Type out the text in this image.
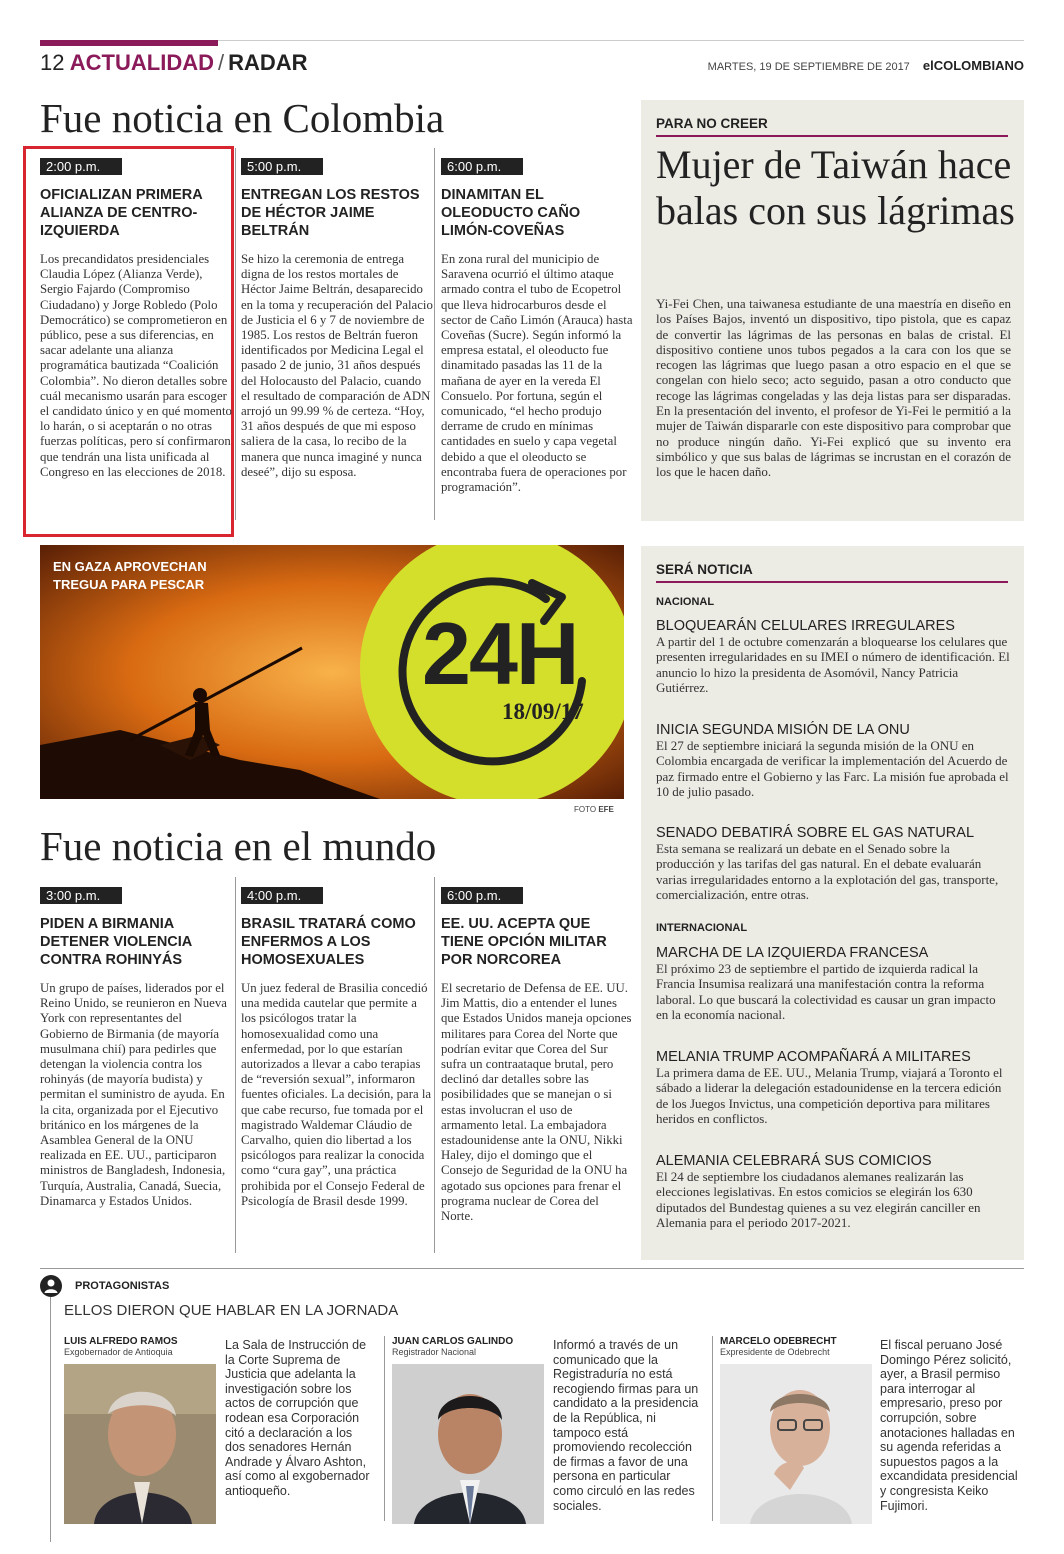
12 ACTUALIDAD / RADAR	MARTES, 19 DE SEPTIEMBRE DE 2017 elCOLOMBIANO
Fue noticia en Colombia
2:00 p.m.
OFICIALIZAN PRIMERA ALIANZA DE CENTRO-IZQUIERDA
Los precandidatos presidenciales Claudia López (Alianza Verde), Sergio Fajardo (Compromiso Ciudadano) y Jorge Robledo (Polo Democrático) se comprometieron en público, pese a sus diferencias, en sacar adelante una alianza programática bautizada “Coalición Colombia”. No dieron detalles sobre cuál mecanismo usarán para escoger el candidato único y en qué momento lo harán, o si aceptarán o no otras fuerzas políticas, pero sí confirmaron que tendrán una lista unificada al Congreso en las elecciones de 2018.
5:00 p.m.
ENTREGAN LOS RESTOS DE HÉCTOR JAIME BELTRÁN
Se hizo la ceremonia de entrega digna de los restos mortales de Héctor Jaime Beltrán, desaparecido en la toma y recuperación del Palacio de Justicia el 6 y 7 de noviembre de 1985. Los restos de Beltrán fueron identificados por Medicina Legal el pasado 2 de junio, 31 años después del Holocausto del Palacio, cuando el resultado de comparación de ADN arrojó un 99.99 % de certeza. “Hoy, 31 años después de que mi esposo saliera de la casa, lo recibo de la manera que nunca imaginé y nunca deseé”, dijo su esposa.
6:00 p.m.
DINAMITAN EL OLEODUCTO CAÑO LIMÓN-COVEÑAS
En zona rural del municipio de Saravena ocurrió el último ataque armado contra el tubo de Ecopetrol que lleva hidrocarburos desde el sector de Caño Limón (Arauca) hasta Coveñas (Sucre). Según informó la empresa estatal, el oleoducto fue dinamitado pasadas las 11 de la mañana de ayer en la vereda El Consuelo. Por fortuna, según el comunicado, “el hecho produjo derrame de crudo en mínimas cantidades en suelo y capa vegetal debido a que el oleoducto se encontraba fuera de operaciones por programación”.
PARA NO CREER
Mujer de Taiwán hace balas con sus lágrimas
Yi-Fei Chen, una taiwanesa estudiante de una maestría en diseño en los Países Bajos, inventó un dispositivo, tipo pistola, que es capaz de convertir las lágrimas de las personas en balas de cristal. El dispositivo contiene unos tubos pegados a la cara con los que se recogen las lágrimas que luego pasan a otro espacio en el que se congelan con hielo seco; acto seguido, pasan a otro conducto que recoge las lágrimas congeladas y las deja listas para ser disparadas. En la presentación del invento, el profesor de Yi-Fei le permitió a la mujer de Taiwán dispararle con este dispositivo para comprobar que no produce ningún daño. Yi-Fei explicó que su invento era simbólico y que sus balas de lágrimas se incrustan en el corazón de los que le hacen daño.
EN GAZA APROVECHAN TREGUA PARA PESCAR
24H
18/09/17
FOTO EFE
SERÁ NOTICIA
NACIONAL
BLOQUEARÁN CELULARES IRREGULARES
A partir del 1 de octubre comenzarán a bloquearse los celulares que presenten irregularidades en su IMEI o número de identificación. El anuncio lo hizo la presidenta de Asomóvil, Nancy Patricia Gutiérrez.
INICIA SEGUNDA MISIÓN DE LA ONU
El 27 de septiembre iniciará la segunda misión de la ONU en Colombia encargada de verificar la implementación del Acuerdo de paz firmado entre el Gobierno y las Farc. La misión fue aprobada el 10 de julio pasado.
SENADO DEBATIRÁ SOBRE EL GAS NATURAL
Esta semana se realizará un debate en el Senado sobre la producción y las tarifas del gas natural. En el debate evaluarán varias irregularidades entorno a la explotación del gas, transporte, comercialización, entre otras.
INTERNACIONAL
MARCHA DE LA IZQUIERDA FRANCESA
El próximo 23 de septiembre el partido de izquierda radical la Francia Insumisa realizará una manifestación contra la reforma laboral. Lo que buscará la colectividad es causar un gran impacto en la economía nacional.
MELANIA TRUMP ACOMPAÑARÁ A MILITARES
La primera dama de EE. UU., Melania Trump, viajará a Toronto el sábado a liderar la delegación estadounidense en la tercera edición de los Juegos Invictus, una competición deportiva para militares heridos en conflictos.
ALEMANIA CELEBRARÁ SUS COMICIOS
El 24 de septiembre los ciudadanos alemanes realizarán las elecciones legislativas. En estos comicios se elegirán los 630 diputados del Bundestag quienes a su vez elegirán canciller en Alemania para el periodo 2017-2021.
Fue noticia en el mundo
3:00 p.m.
PIDEN A BIRMANIA DETENER VIOLENCIA CONTRA ROHINYÁS
Un grupo de países, liderados por el Reino Unido, se reunieron en Nueva York con representantes del Gobierno de Birmania (de mayoría musulmana chií) para pedirles que detengan la violencia contra los rohinyás (de mayoría budista) y permitan el suministro de ayuda. En la cita, organizada por el Ejecutivo británico en los márgenes de la Asamblea General de la ONU realizada en EE. UU., participaron ministros de Bangladesh, Indonesia, Turquía, Australia, Canadá, Suecia, Dinamarca y Estados Unidos.
4:00 p.m.
BRASIL TRATARÁ COMO ENFERMOS A LOS HOMOSEXUALES
Un juez federal de Brasilia concedió una medida cautelar que permite a los psicólogos tratar la homosexualidad como una enfermedad, por lo que estarían autorizados a llevar a cabo terapias de “reversión sexual”, informaron fuentes oficiales. La decisión, para la que cabe recurso, fue tomada por el magistrado Waldemar Cláudio de Carvalho, quien dio libertad a los psicólogos para realizar la conocida como “cura gay”, una práctica prohibida por el Consejo Federal de Psicología de Brasil desde 1999.
6:00 p.m.
EE. UU. ACEPTA QUE TIENE OPCIÓN MILITAR POR NORCOREA
El secretario de Defensa de EE. UU. Jim Mattis, dio a entender el lunes que Estados Unidos maneja opciones militares para Corea del Norte que podrían evitar que Corea del Sur sufra un contraataque brutal, pero declinó dar detalles sobre las posibilidades que se manejan o si estas involucran el uso de armamento letal. La embajadora estadounidense ante la ONU, Nikki Haley, dijo el domingo que el Consejo de Seguridad de la ONU ha agotado sus opciones para frenar el programa nuclear de Corea del Norte.
PROTAGONISTAS
ELLOS DIERON QUE HABLAR EN LA JORNADA
LUIS ALFREDO RAMOS
Exgobernador de Antioquia	La Sala de Instrucción de la Corte Suprema de Justicia que adelanta la investigación sobre los actos de corrupción que rodean esa Corporación citó a declaración a los dos senadores Hernán Andrade y Álvaro Ashton, así como al exgobernador antioqueño.
JUAN CARLOS GALINDO
Registrador Nacional	Informó a través de un comunicado que la Registraduría no está recogiendo firmas para un candidato a la presidencia de la República, ni tampoco está promoviendo recolección de firmas a favor de una persona en particular como circuló en las redes sociales.
MARCELO ODEBRECHT
Expresidente de Odebrecht	El fiscal peruano José Domingo Pérez solicitó, ayer, a Brasil permiso para interrogar al empresario, preso por corrupción, sobre anotaciones halladas en su agenda referidas a supuestos pagos a la excandidata presidencial y congresista Keiko Fujimori.
